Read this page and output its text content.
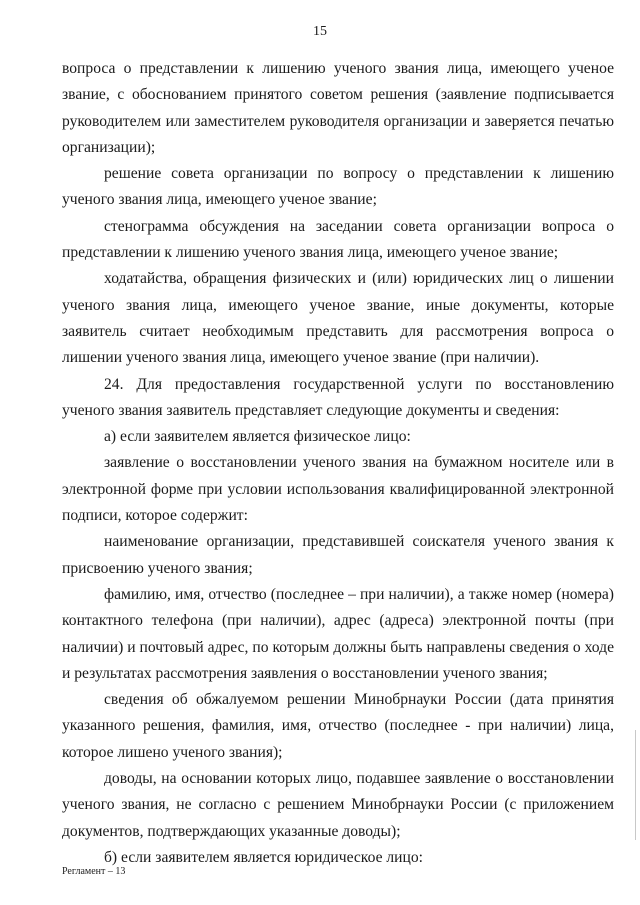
15

вопроса о представлении к лишению ученого звания лица, имеющего ученое звание, с обоснованием принятого советом решения (заявление подписывается руководителем или заместителем руководителя организации и заверяется печатью организации);

решение совета организации по вопросу о представлении к лишению ученого звания лица, имеющего ученое звание;

стенограмма обсуждения на заседании совета организации вопроса о представлении к лишению ученого звания лица, имеющего ученое звание;

ходатайства, обращения физических и (или) юридических лиц о лишении ученого звания лица, имеющего ученое звание, иные документы, которые заявитель считает необходимым представить для рассмотрения вопроса о лишении ученого звания лица, имеющего ученое звание (при наличии).

24. Для предоставления государственной услуги по восстановлению ученого звания заявитель представляет следующие документы и сведения:

а) если заявителем является физическое лицо:

заявление о восстановлении ученого звания на бумажном носителе или в электронной форме при условии использования квалифицированной электронной подписи, которое содержит:

наименование организации, представившей соискателя ученого звания к присвоению ученого звания;

фамилию, имя, отчество (последнее – при наличии), а также номер (номера) контактного телефона (при наличии), адрес (адреса) электронной почты (при наличии) и почтовый адрес, по которым должны быть направлены сведения о ходе и результатах рассмотрения заявления о восстановлении ученого звания;

сведения об обжалуемом решении Минобрнауки России (дата принятия указанного решения, фамилия, имя, отчество (последнее - при наличии) лица, которое лишено ученого звания);

доводы, на основании которых лицо, подавшее заявление о восстановлении ученого звания, не согласно с решением Минобрнауки России (с приложением документов, подтверждающих указанные доводы);

б) если заявителем является юридическое лицо:

Регламент – 13
